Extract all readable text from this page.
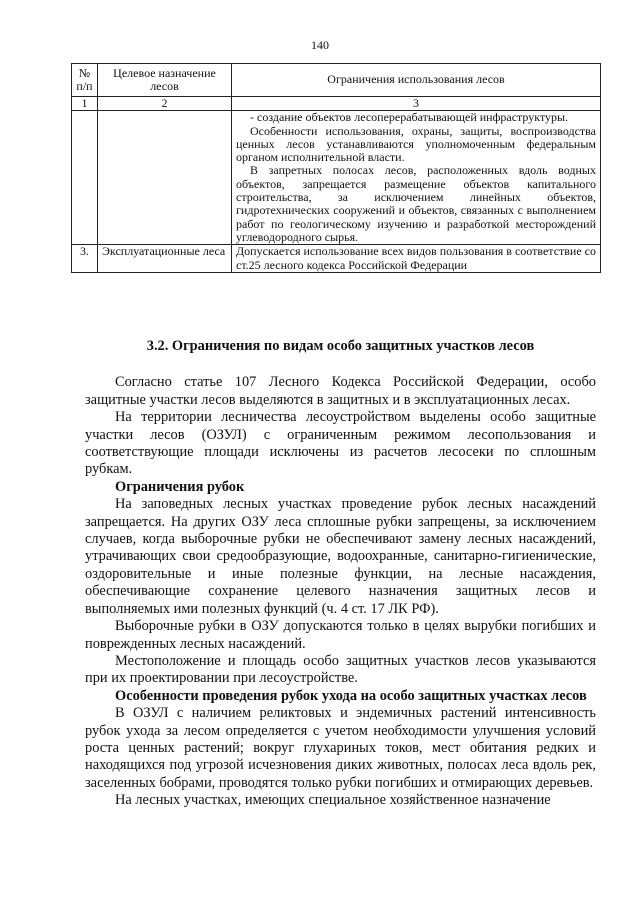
140
№ п/п	Целевое назначение лесов	Ограничения использования лесов
1	2	3

		- создание объектов лесоперерабатывающей инфраструктуры.

Особенности использования, охраны, защиты, воспроизводства ценных лесов устанавливаются уполномоченным федеральным органом исполнительной власти.

В запретных полосах лесов, расположенных вдоль водных объектов, запрещается размещение объектов капитального строительства, за исключением линейных объектов, гидротехнических сооружений и объектов, связанных с выполнением работ по геологическому изучению и разработкой месторождений углеводородного сырья.

3.	Эксплуатационные леса	Допускается использование всех видов пользования в соответствие со ст.25 лесного кодекса Российской Федерации

3.2. Ограничения по видам особо защитных участков лесов

Согласно статье 107 Лесного Кодекса Российской Федерации, особо защитные участки лесов выделяются в защитных и в эксплуатационных лесах.

На территории лесничества лесоустройством выделены особо защитные участки лесов (ОЗУЛ) с ограниченным режимом лесопользования и соответствующие площади исключены из расчетов лесосеки по сплошным рубкам.

Ограничения рубок

На заповедных лесных участках проведение рубок лесных насаждений запрещается. На других ОЗУ леса сплошные рубки запрещены, за исключением случаев, когда выборочные рубки не обеспечивают замену лесных насаждений, утрачивающих свои средообразующие, водоохранные, санитарно-гигиенические, оздоровительные и иные полезные функции, на лесные насаждения, обеспечивающие сохранение целевого назначения защитных лесов и выполняемых ими полезных функций (ч. 4 ст. 17 ЛК РФ).

Выборочные рубки в ОЗУ допускаются только в целях вырубки погибших и поврежденных лесных насаждений.

Местоположение и площадь особо защитных участков лесов указываются при их проектировании при лесоустройстве.

Особенности проведения рубок ухода на особо защитных участках лесов

В ОЗУЛ с наличием реликтовых и эндемичных растений интенсивность рубок ухода за лесом определяется с учетом необходимости улучшения условий роста ценных растений; вокруг глухариных токов, мест обитания редких и находящихся под угрозой исчезновения диких животных, полосах леса вдоль рек, заселенных бобрами, проводятся только рубки погибших и отмирающих деревьев.

На лесных участках, имеющих специальное хозяйственное назначение
